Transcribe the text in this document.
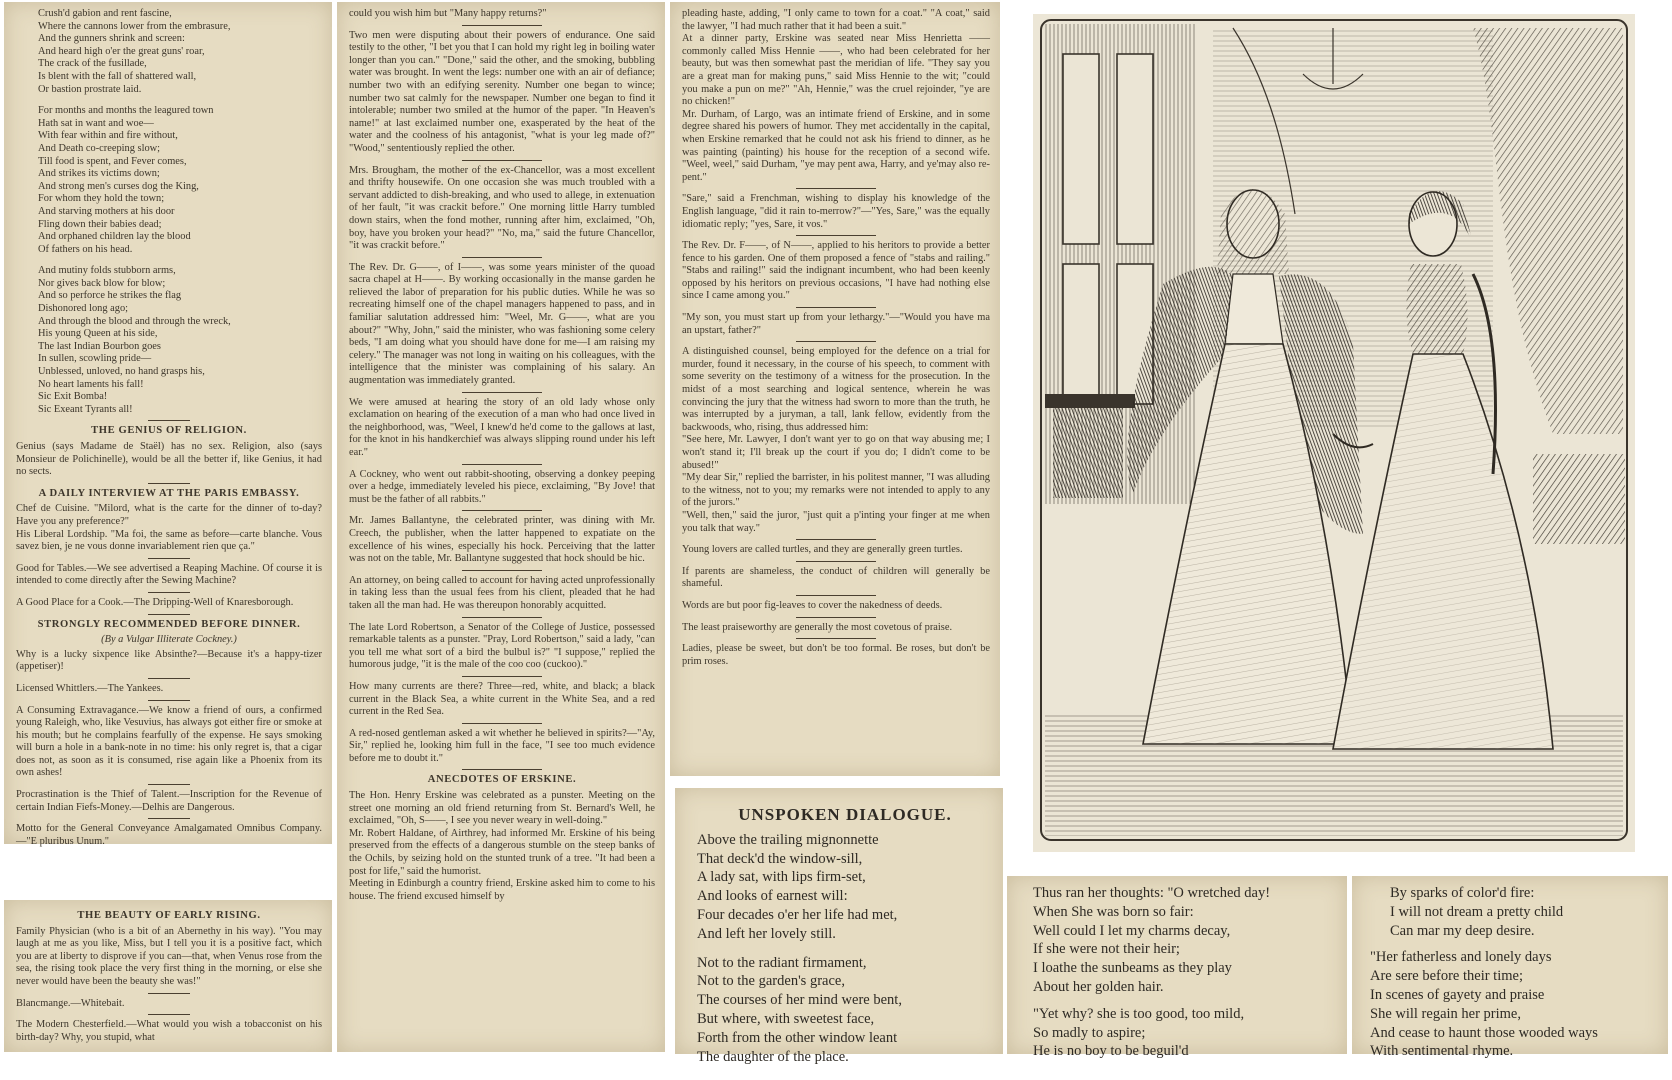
Crush'd gabion and rent fascine,
Where the cannons lower from the embrasure,
And the gunners shrink and screen:
And heard high o'er the great guns' roar,
The crack of the fusillade,
Is blent with the fall of shattered wall,
Or bastion prostrate laid.

For months and months the leagured town
Hath sat in want and woe—
With fear within and fire without,
And Death co-creeping slow;
Till food is spent, and Fever comes,
And strikes its victims down;
And strong men's curses dog the King,
For whom they hold the town;
And starving mothers at his door
Fling down their babies dead;
And orphaned children lay the blood
Of fathers on his head.

And mutiny folds stubborn arms,
Nor gives back blow for blow;
And so perforce he strikes the flag
Dishonored long ago;
And through the blood and through the wreck,
His young Queen at his side,
The last Indian Bourbon goes
In sullen, scowling pride—
Unblessed, unloved, no hand grasps his,
No heart laments his fall!
Sic Exit Bomba!
Sic Exeant Tyrants all!

THE GENIUS OF RELIGION.

Genius (says Madame de Staël) has no sex. Religion, also (says Monsieur de Polichinelle), would be all the better if, like Genius, it had no sects.

A DAILY INTERVIEW AT THE PARIS EMBASSY.

Chef de Cuisine. "Milord, what is the carte for the dinner of to-day? Have you any preference?"
His Liberal Lordship. "Ma foi, the same as before—carte blanche. Vous savez bien, je ne vous donne invariablement rien que ça."

Good for Tables.—We see advertised a Reaping Machine. Of course it is intended to come directly after the Sewing Machine?

A Good Place for a Cook.—The Dripping-Well of Knaresborough.

STRONGLY RECOMMENDED BEFORE DINNER.
(By a Vulgar Illiterate Cockney.)

Why is a lucky sixpence like Absinthe?—Because it's a happy-tizer (appetiser)!

Licensed Whittlers.—The Yankees.

A Consuming Extravagance.—We know a friend of ours, a confirmed young Raleigh, who, like Vesuvius, has always got either fire or smoke at his mouth; but he complains fearfully of the expense. He says smoking will burn a hole in a bank-note in no time: his only regret is, that a cigar does not, as soon as it is consumed, rise again like a Phoenix from its own ashes!

Procrastination is the Thief of Talent.—Inscription for the Revenue of certain Indian Fiefs-Money.—Delhis are Dangerous.

Motto for the General Conveyance Amalgamated Omnibus Company.—"E pluribus Unum."

THE BEAUTY OF EARLY RISING.

Family Physician (who is a bit of an Abernethy in his way). "You may laugh at me as you like, Miss, but I tell you it is a positive fact, which you are at liberty to disprove if you can—that, when Venus rose from the sea, the rising took place the very first thing in the morning, or else she never would have been the beauty she was!"

Blancmange.—Whitebait.

The Modern Chesterfield.—What would you wish a tobacconist on his birth-day? Why, you stupid, what

could you wish him but "Many happy returns?"

Two men were disputing about their powers of endurance. One said testily to the other, "I bet you that I can hold my right leg in boiling water longer than you can." "Done," said the other, and the smoking, bubbling water was brought. In went the legs: number one with an air of defiance; number two with an edifying serenity. Number one began to wince; number two sat calmly for the newspaper. Number one began to find it intolerable; number two smiled at the humor of the paper. "In Heaven's name!" at last exclaimed number one, exasperated by the heat of the water and the coolness of his antagonist, "what is your leg made of?" "Wood," sententiously replied the other.

Mrs. Brougham, the mother of the ex-Chancellor, was a most excellent and thrifty housewife. On one occasion she was much troubled with a servant addicted to dish-breaking, and who used to allege, in extenuation of her fault, "it was crackit before." One morning little Harry tumbled down stairs, when the fond mother, running after him, exclaimed, "Oh, boy, have you broken your head?" "No, ma," said the future Chancellor, "it was crackit before."

The Rev. Dr. G——, of I——, was some years minister of the quoad sacra chapel at H——. By working occasionally in the manse garden he relieved the labor of preparation for his public duties. While he was so recreating himself one of the chapel managers happened to pass, and in familiar salutation addressed him: "Weel, Mr. G——, what are you about?" "Why, John," said the minister, who was fashioning some celery beds, "I am doing what you should have done for me—I am raising my celery." The manager was not long in waiting on his colleagues, with the intelligence that the minister was complaining of his salary. An augmentation was immediately granted.

We were amused at hearing the story of an old lady whose only exclamation on hearing of the execution of a man who had once lived in the neighborhood, was, "Weel, I knew'd he'd come to the gallows at last, for the knot in his handkerchief was always slipping round under his left ear."

A Cockney, who went out rabbit-shooting, observing a donkey peeping over a hedge, immediately leveled his piece, exclaiming, "By Jove! that must be the father of all rabbits."

Mr. James Ballantyne, the celebrated printer, was dining with Mr. Creech, the publisher, when the latter happened to expatiate on the excellence of his wines, especially his hock. Perceiving that the latter was not on the table, Mr. Ballantyne suggested that hock should be hic.

An attorney, on being called to account for having acted unprofessionally in taking less than the usual fees from his client, pleaded that he had taken all the man had. He was thereupon honorably acquitted.

The late Lord Robertson, a Senator of the College of Justice, possessed remarkable talents as a punster. "Pray, Lord Robertson," said a lady, "can you tell me what sort of a bird the bulbul is?" "I suppose," replied the humorous judge, "it is the male of the coo coo (cuckoo)."

How many currents are there? Three—red, white, and black; a black current in the Black Sea, a white current in the White Sea, and a red current in the Red Sea.

A red-nosed gentleman asked a wit whether he believed in spirits?—"Ay, Sir," replied he, looking him full in the face, "I see too much evidence before me to doubt it."

ANECDOTES OF ERSKINE.

The Hon. Henry Erskine was celebrated as a punster. Meeting on the street one morning an old friend returning from St. Bernard's Well, he exclaimed, "Oh, S——, I see you never weary in well-doing."
Mr. Robert Haldane, of Airthrey, had informed Mr. Erskine of his being preserved from the effects of a dangerous stumble on the steep banks of the Ochils, by seizing hold on the stunted trunk of a tree. "It had been a post for life," said the humorist.
Meeting in Edinburgh a country friend, Erskine asked him to come to his house. The friend excused himself by

pleading haste, adding, "I only came to town for a coat." "A coat," said the lawyer, "I had much rather that it had been a suit."
At a dinner party, Erskine was seated near Miss Henrietta —— commonly called Miss Hennie ——, who had been celebrated for her beauty, but was then somewhat past the meridian of life. "They say you are a great man for making puns," said Miss Hennie to the wit; "could you make a pun on me?" "Ah, Hennie," was the cruel rejoinder, "ye are no chicken!"
Mr. Durham, of Largo, was an intimate friend of Erskine, and in some degree shared his powers of humor. They met accidentally in the capital, when Erskine remarked that he could not ask his friend to dinner, as he was painting (painting) his house for the reception of a second wife. "Weel, weel," said Durham, "ye may pent awa, Harry, and ye'may also re-pent."

"Sare," said a Frenchman, wishing to display his knowledge of the English language, "did it rain to-merrow?"—"Yes, Sare," was the equally idiomatic reply; "yes, Sare, it vos."

The Rev. Dr. F——, of N——, applied to his heritors to provide a better fence to his garden. One of them proposed a fence of "stabs and railing." "Stabs and railing!" said the indignant incumbent, who had been keenly opposed by his heritors on previous occasions, "I have had nothing else since I came among you."

"My son, you must start up from your lethargy."—"Would you have ma an upstart, father?"

A distinguished counsel, being employed for the defence on a trial for murder, found it necessary, in the course of his speech, to comment with some severity on the testimony of a witness for the prosecution. In the midst of a most searching and logical sentence, wherein he was convincing the jury that the witness had sworn to more than the truth, he was interrupted by a juryman, a tall, lank fellow, evidently from the backwoods, who, rising, thus addressed him:
"See here, Mr. Lawyer, I don't want yer to go on that way abusing me; I won't stand it; I'll break up the court if you do; I didn't come to be abused!"
"My dear Sir," replied the barrister, in his politest manner, "I was alluding to the witness, not to you; my remarks were not intended to apply to any of the jurors."
"Well, then," said the juror, "just quit a p'inting your finger at me when you talk that way."

Young lovers are called turtles, and they are generally green turtles.

If parents are shameless, the conduct of children will generally be shameful.

Words are but poor fig-leaves to cover the nakedness of deeds.

The least praiseworthy are generally the most covetous of praise.

Ladies, please be sweet, but don't be too formal. Be roses, but don't be prim roses.

UNSPOKEN DIALOGUE.

Above the trailing mignonnette
That deck'd the window-sill,
A lady sat, with lips firm-set,
And looks of earnest will:
Four decades o'er her life had met,
And left her lovely still.

Not to the radiant firmament,
Not to the garden's grace,
The courses of her mind were bent,
But where, with sweetest face,
Forth from the other window leant
The daughter of the place.

Thus ran her thoughts: "O wretched day!
When She was born so fair:
Well could I let my charms decay,
If she were not their heir;
I loathe the sunbeams as they play
About her golden hair.

"Yet why? she is too good, too mild,
So madly to aspire;
He is no boy to be beguil'd

By sparks of color'd fire:
I will not dream a pretty child
Can mar my deep desire.

"Her fatherless and lonely days
Are sere before their time;
In scenes of gayety and praise
She will regain her prime,
And cease to haunt those wooded ways
With sentimental rhyme.
